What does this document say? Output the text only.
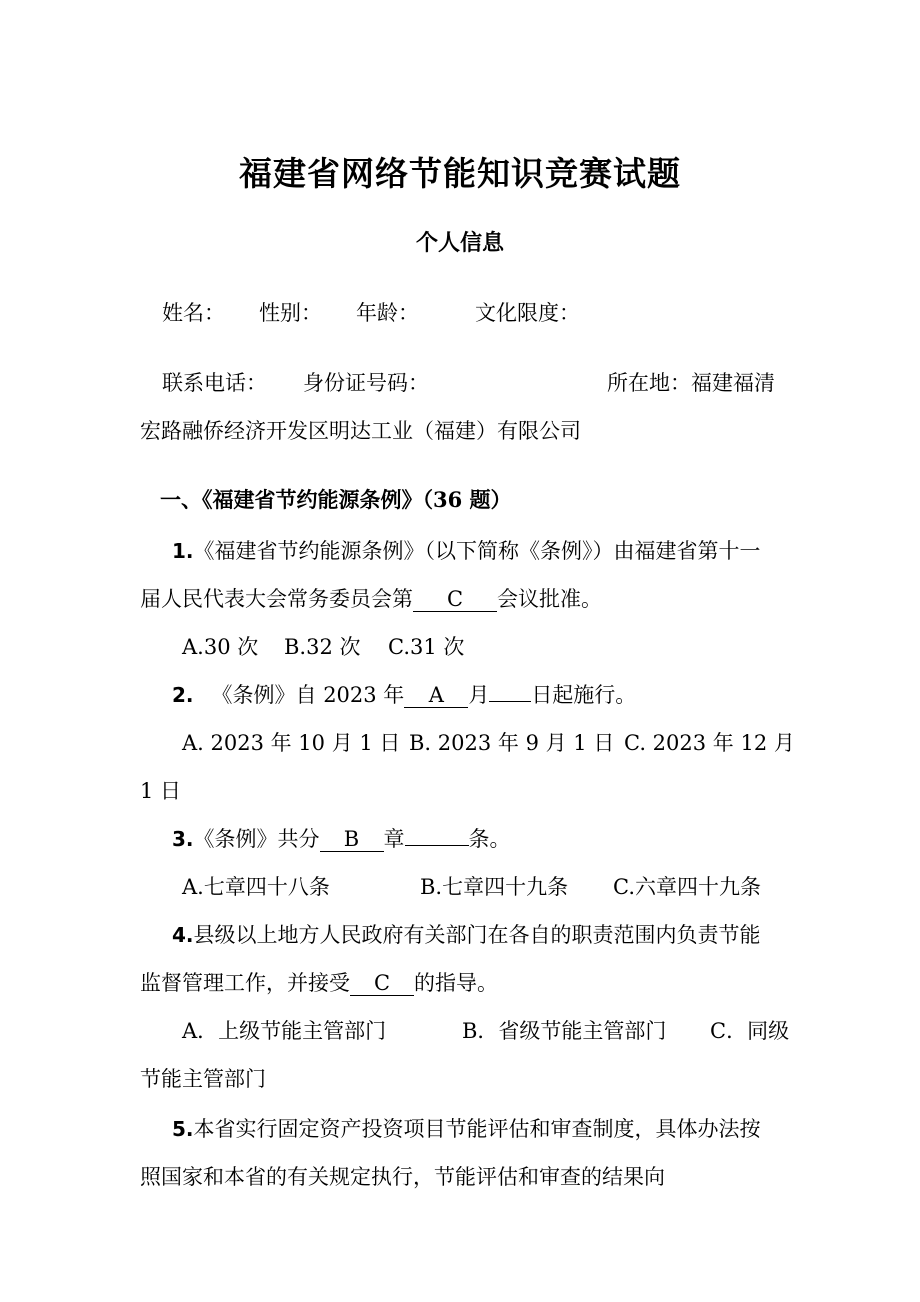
福建省网络节能知识竞赛试题
个人信息
姓名： 性别： 年龄：	文化限度：
联系电话： 身份证号码：	所在地：福建福清
宏路融侨经济开发区明达工业（福建）有限公司
一、《福建省节约能源条例》（36 题）
1.《福建省节约能源条例》（以下简称《条例》）由福建省第十一
届人民代表大会常务委员会第 C 会议批准。
A.30 次 B.32 次 C.31 次
2. 《条例》自 2023 年 A 月 日起施行。
A. 2023 年 10 月 1 日 B. 2023 年 9 月 1 日 C. 2023 年 12 月
1 日
3.《条例》共分 B 章	条。
A.七章四十八条	B.七章四十九条 C.六章四十九条
4.县级以上地方人民政府有关部门在各自的职责范围内负责节能
监督管理工作，并接受 C 的指导。
A．上级节能主管部门	B．省级节能主管部门 C．同级
节能主管部门
5.本省实行固定资产投资项目节能评估和审查制度，具体办法按
照国家和本省的有关规定执行，节能评估和审查的结果向
